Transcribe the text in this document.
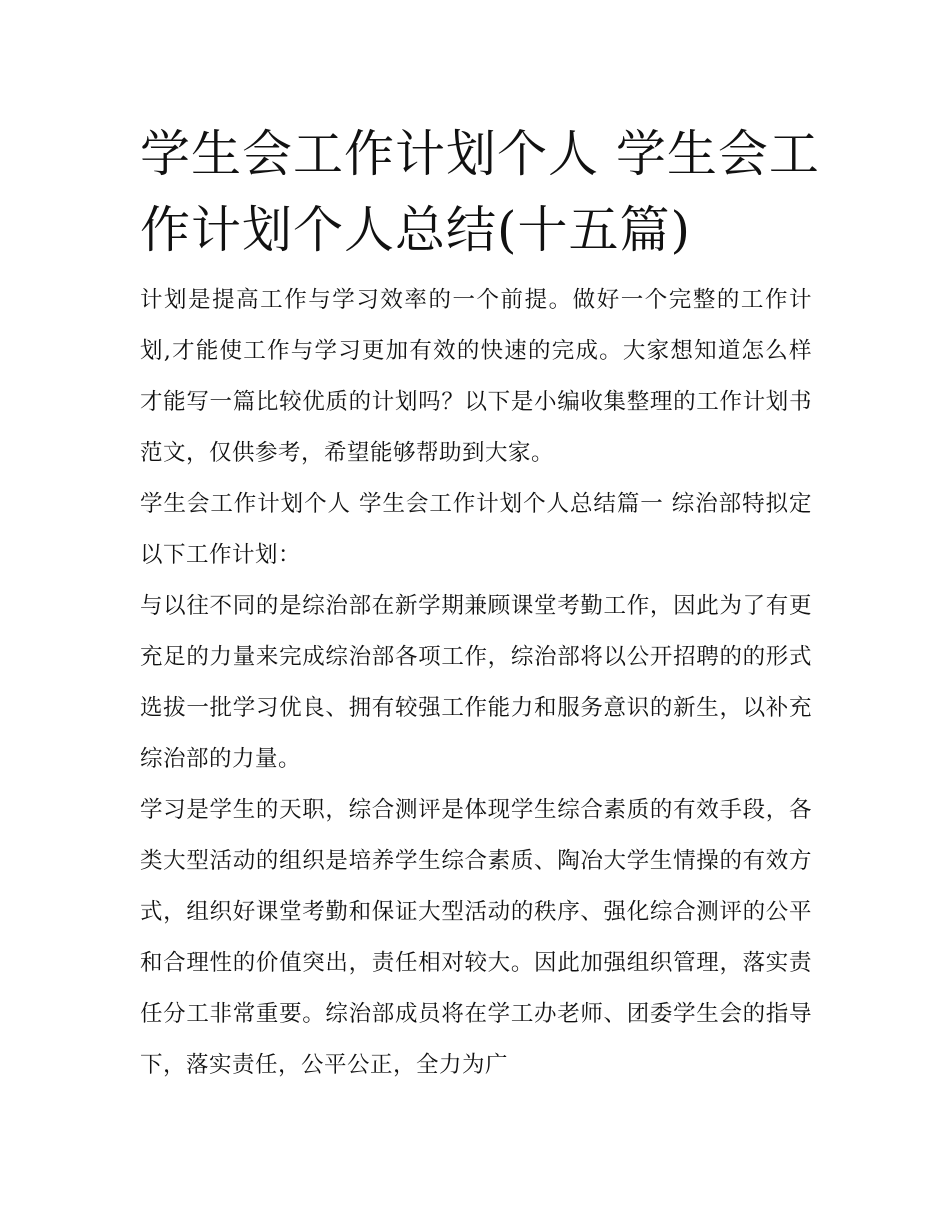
学生会工作计划个人 学生会工作计划个人总结(十五篇)

计划是提高工作与学习效率的一个前提。做好一个完整的工作计划,才能使工作与学习更加有效的快速的完成。大家想知道怎么样才能写一篇比较优质的计划吗？以下是小编收集整理的工作计划书范文，仅供参考，希望能够帮助到大家。

学生会工作计划个人 学生会工作计划个人总结篇一 综治部特拟定以下工作计划：

与以往不同的是综治部在新学期兼顾课堂考勤工作，因此为了有更充足的力量来完成综治部各项工作，综治部将以公开招聘的的形式选拔一批学习优良、拥有较强工作能力和服务意识的新生，以补充综治部的力量。

学习是学生的天职，综合测评是体现学生综合素质的有效手段，各类大型活动的组织是培养学生综合素质、陶冶大学生情操的有效方式，组织好课堂考勤和保证大型活动的秩序、强化综合测评的公平和合理性的价值突出，责任相对较大。因此加强组织管理，落实责任分工非常重要。综治部成员将在学工办老师、团委学生会的指导下，落实责任，公平公正，全力为广
